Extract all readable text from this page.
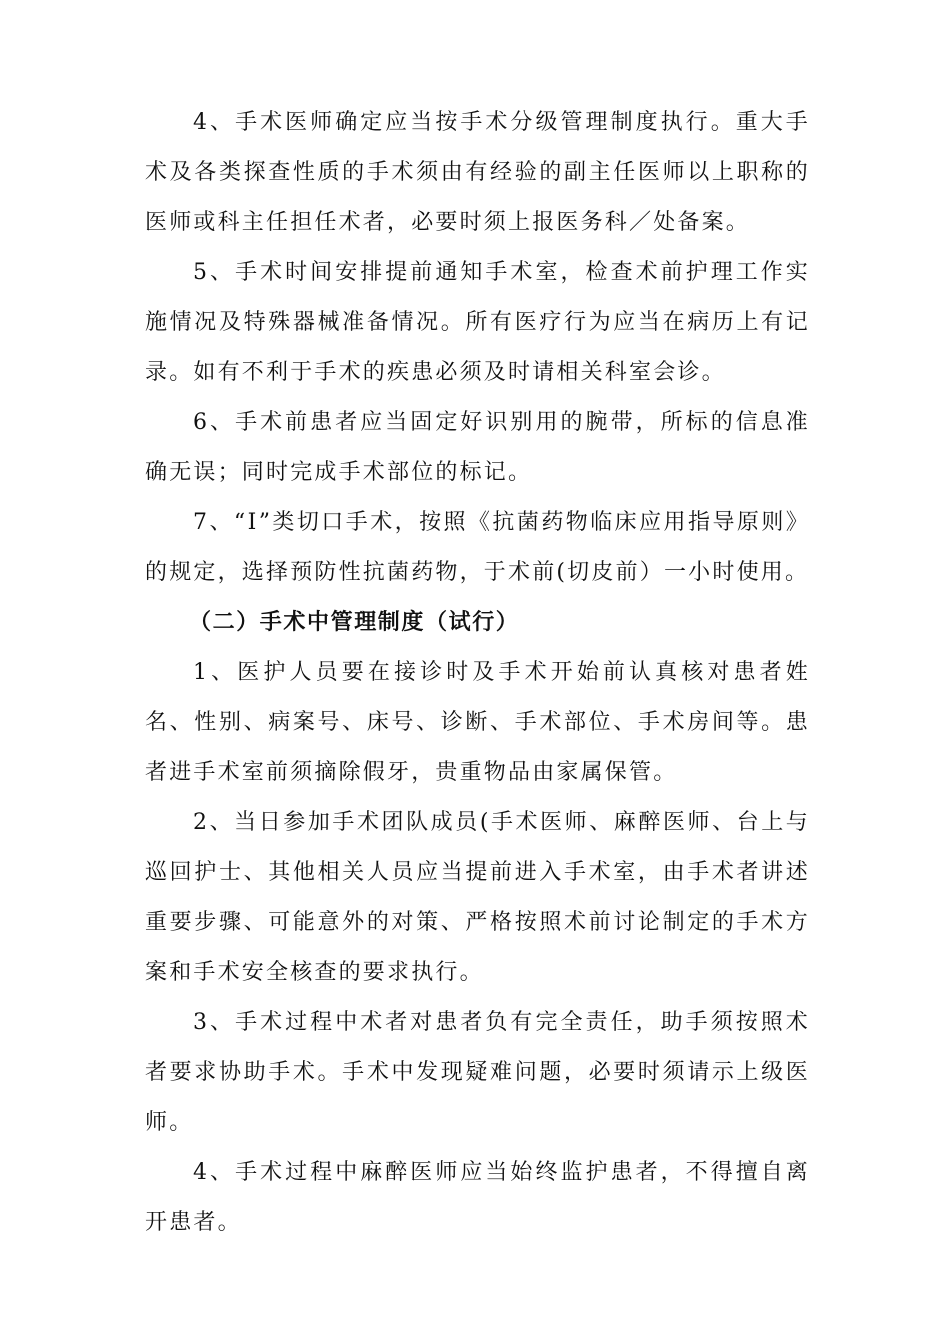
4、手术医师确定应当按手术分级管理制度执行。重大手术及各类探查性质的手术须由有经验的副主任医师以上职称的医师或科主任担任术者，必要时须上报医务科／处备案。

5、手术时间安排提前通知手术室，检查术前护理工作实施情况及特殊器械准备情况。所有医疗行为应当在病历上有记录。如有不利于手术的疾患必须及时请相关科室会诊。

6、手术前患者应当固定好识别用的腕带，所标的信息准确无误；同时完成手术部位的标记。

7、“Ⅰ”类切口手术，按照《抗菌药物临床应用指导原则》的规定，选择预防性抗菌药物，于术前(切皮前）一小时使用。

（二）手术中管理制度（试行）

1、医护人员要在接诊时及手术开始前认真核对患者姓名、性别、病案号、床号、诊断、手术部位、手术房间等。患者进手术室前须摘除假牙，贵重物品由家属保管。

2、当日参加手术团队成员(手术医师、麻醉医师、台上与巡回护士、其他相关人员应当提前进入手术室，由手术者讲述重要步骤、可能意外的对策、严格按照术前讨论制定的手术方案和手术安全核查的要求执行。

3、手术过程中术者对患者负有完全责任，助手须按照术者要求协助手术。手术中发现疑难问题，必要时须请示上级医师。

4、手术过程中麻醉医师应当始终监护患者，不得擅自离开患者。
